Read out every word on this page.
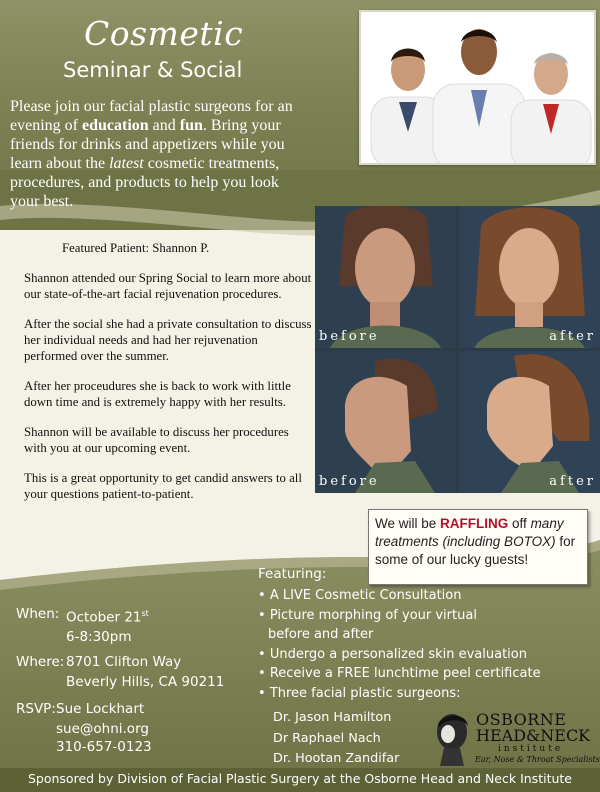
Cosmetic
Seminar & Social
Please join our facial plastic surgeons for an evening of education and fun. Bring your friends for drinks and appetizers while you learn about the latest cosmetic treatments, procedures, and products to help you look your best.
Featured Patient: Shannon P.

Shannon attended our Spring Social to learn more about our state-of-the-art facial rejuvenation procedures.

After the social she had a private consultation to discuss her individual needs and had her rejuvenation performed over the summer.

After her proceudures she is back to work with little down time and is extremely happy with her results.

Shannon will be available to discuss her procedures with you at our upcoming event.

This is a great opportunity to get candid answers to all your questions patient-to-patient.

before	after
before	after
We will be RAFFLING off many treatments (including BOTOX) for some of our lucky guests!
When: October 21st
6-8:30pm
Where: 8701 Clifton Way
Beverly Hills, CA 90211
RSVP: Sue Lockhart
sue@ohni.org
310-657-0123
Featuring:
• A LIVE Cosmetic Consultation
• Picture morphing of your virtual
before and after
• Undergo a personalized skin evaluation
• Receive a FREE lunchtime peel certificate
• Three facial plastic surgeons:
Dr. Jason Hamilton
Dr Raphael Nach
Dr. Hootan Zandifar
OSBORNE
HEAD&NECK
institute
Ear, Nose & Throat Specialists
Sponsored by Division of Facial Plastic Surgery at the Osborne Head and Neck Institute
